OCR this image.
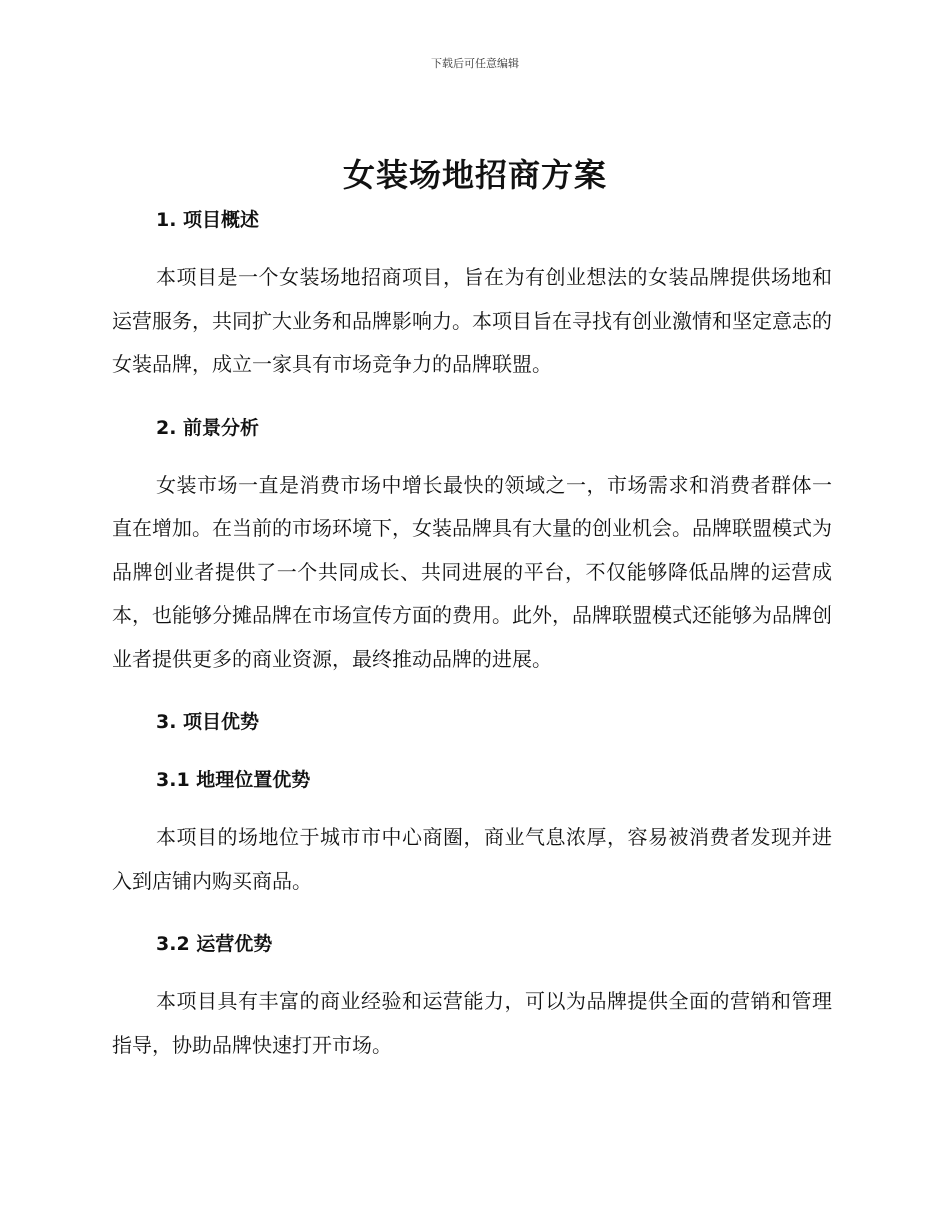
下载后可任意编辑
女装场地招商方案
1. 项目概述

本项目是一个女装场地招商项目，旨在为有创业想法的女装品牌提供场地和运营服务，共同扩大业务和品牌影响力。本项目旨在寻找有创业激情和坚定意志的女装品牌，成立一家具有市场竞争力的品牌联盟。

2. 前景分析

女装市场一直是消费市场中增长最快的领域之一，市场需求和消费者群体一直在增加。在当前的市场环境下，女装品牌具有大量的创业机会。品牌联盟模式为品牌创业者提供了一个共同成长、共同进展的平台，不仅能够降低品牌的运营成本，也能够分摊品牌在市场宣传方面的费用。此外，品牌联盟模式还能够为品牌创业者提供更多的商业资源，最终推动品牌的进展。

3. 项目优势
3.1 地理位置优势

本项目的场地位于城市市中心商圈，商业气息浓厚，容易被消费者发现并进入到店铺内购买商品。

3.2 运营优势

本项目具有丰富的商业经验和运营能力，可以为品牌提供全面的营销和管理指导，协助品牌快速打开市场。
